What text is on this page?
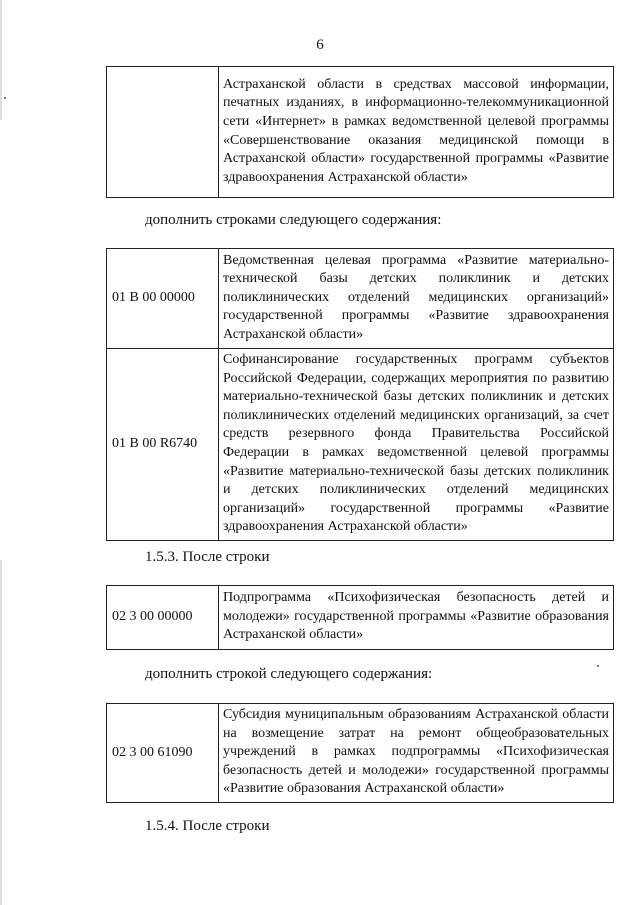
6
	Астраханской области в средствах массовой информации, печатных изданиях, в информационно-телекоммуникационной сети «Интернет» в рамках ведомственной целевой программы «Совершенствование оказания медицинской помощи в Астраханской области» государственной программы «Развитие здравоохранения Астраханской области»
дополнить строками следующего содержания:
01 В 00 00000	Ведомственная целевая программа «Развитие материально-технической базы детских поликлиник и детских поликлинических отделений медицинских организаций» государственной программы «Развитие здравоохранения Астраханской области»
01 В 00 R6740	Софинансирование государственных программ субъектов Российской Федерации, содержащих мероприятия по развитию материально-технической базы детских поликлиник и детских поликлинических отделений медицинских организаций, за счет средств резервного фонда Правительства Российской Федерации в рамках ведомственной целевой программы «Развитие материально-технической базы детских поликлиник и детских поликлинических отделений медицинских организаций» государственной программы «Развитие здравоохранения Астраханской области»
1.5.3. После строки
02 3 00 00000	Подпрограмма «Психофизическая безопасность детей и молодежи» государственной программы «Развитие образования Астраханской области»
дополнить строкой следующего содержания:
02 3 00 61090	Субсидия муниципальным образованиям Астраханской области на возмещение затрат на ремонт общеобразовательных учреждений в рамках подпрограммы «Психофизическая безопасность детей и молодежи» государственной программы «Развитие образования Астраханской области»
1.5.4. После строки
